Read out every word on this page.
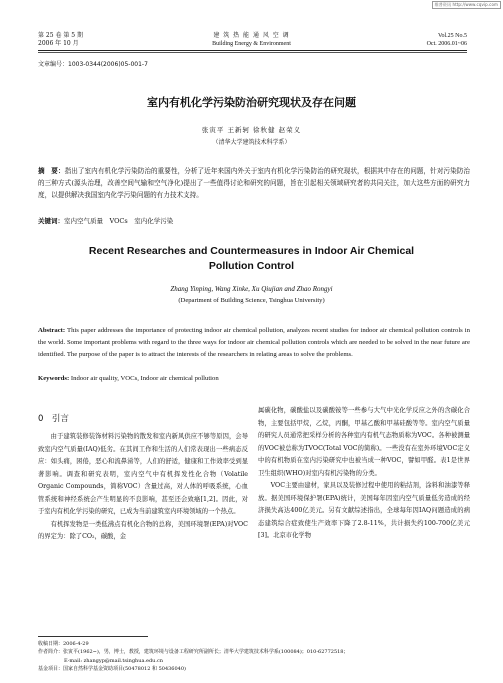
维普资讯 http://www.cqvip.com
第 25 卷 第 5 期
2006 年 10 月
建 筑 热 能 通 风 空 调
Building Energy & Environment
Vol.25 No.5
Oct. 2006.01~06
文章编号：1003-0344(2006)05-001-7
室内有机化学污染防治研究现状及存在问题
张寅平 王新轲 徐秋健 赵荣义
（清华大学建筑技术科学系）
摘　要：指出了室内有机化学污染防治的重要性，分析了近年来国内外关于室内有机化学污染防治的研究现状，根据其中存在的问题，针对污染防治的三种方式(源头治理，改善空间气输和空气净化)提出了一些值得讨论和研究的问题，旨在引起相关领域研究者的共同关注，加大这些方面的研究力度，以提供解决我国室内化学污染问题的有力技术支持。
关键词：室内空气质量　VOCs　室内化学污染
Recent Researches and Countermeasures in Indoor Air Chemical
Pollution Control
Zhang Yinping, Wang Xinke, Xu Qiujian and Zhao Rongyi
(Department of Building Science, Tsinghua University)
Abstract: This paper addresses the importance of protecting indoor air chemical pollution, analyzes recent studies for indoor air chemical pollution controls in the world. Some important problems with regard to the three ways for indoor air chemical pollution controls which are needed to be solved in the near future are identified. The purpose of the paper is to attract the interests of the researchers in relating areas to solve the problems.
Keywords: Indoor air quality, VOCs, Indoor air chemical pollution
0　引言

由于建筑装修装饰材料污染物的散发和室内新风供应不够等原因，会导致室内空气质量(IAQ)低劣。在其间工作和生活的人们常表现出一些病态反应：如头痛，困倦，恶心和流鼻涕等，人们的舒适，健康和工作效率受到显著影响。调查和研究表明，室内空气中有机挥发性化合物（Volatile Organic Compounds，简称VOC）含量过高，对人体的呼吸系统，心血管系统和神经系统会产生明显的不良影响，甚至还会致癌[1,2]。因此，对于室内有机化学污染的研究，已成为当前建筑室内环境领域的一个热点。

有机挥发物是一类低沸点有机化合物的总称，美国环境署(EPA)对VOC的界定为：除了CO₂，碳酸，金

属碳化物，碳酸盐以及碳酸铵等一些参与大气中光化学反应之外的含碳化合物，主要包括甲烷，乙烷，丙酮，甲基乙酸和甲基硅酸等等。室内空气质量的研究人员通常把采样分析的各种室内有机气态物质称为VOC。各种被测量的VOC被总称为TVOC(Total VOC的简称)。一些没有在室外环境VOC定义中的有机物质在室内污染研究中也被当成一种VOC，譬如甲醛。表1是世界卫生组织(WHO)对室内有机污染物的分类。

VOC主要由建材，家具以及装修过程中使用的粘结剂，涂料和油漆等释放。据美国环境保护署(EPA)统计，美国每年因室内空气质量低劣造成的经济损失高达400亿美元。另有文献综述指出，全球每年因IAQ问题造成的病态建筑综合症致使生产效率下降了2.8-11%，共计损失约100-700亿美元[3]。北京市化学物

收稿日期：2006-4-29

作者简介：张寅平(1962~)，男，博士，教授，建筑环境与设备工程研究所副所长；清华大学建筑技术科学系(100084)；010-62772518；

E-mail: zhangyp@mail.tsinghua.edu.cn

基金项目：国家自然科学基金资助项目(50478012 和 50436040)
